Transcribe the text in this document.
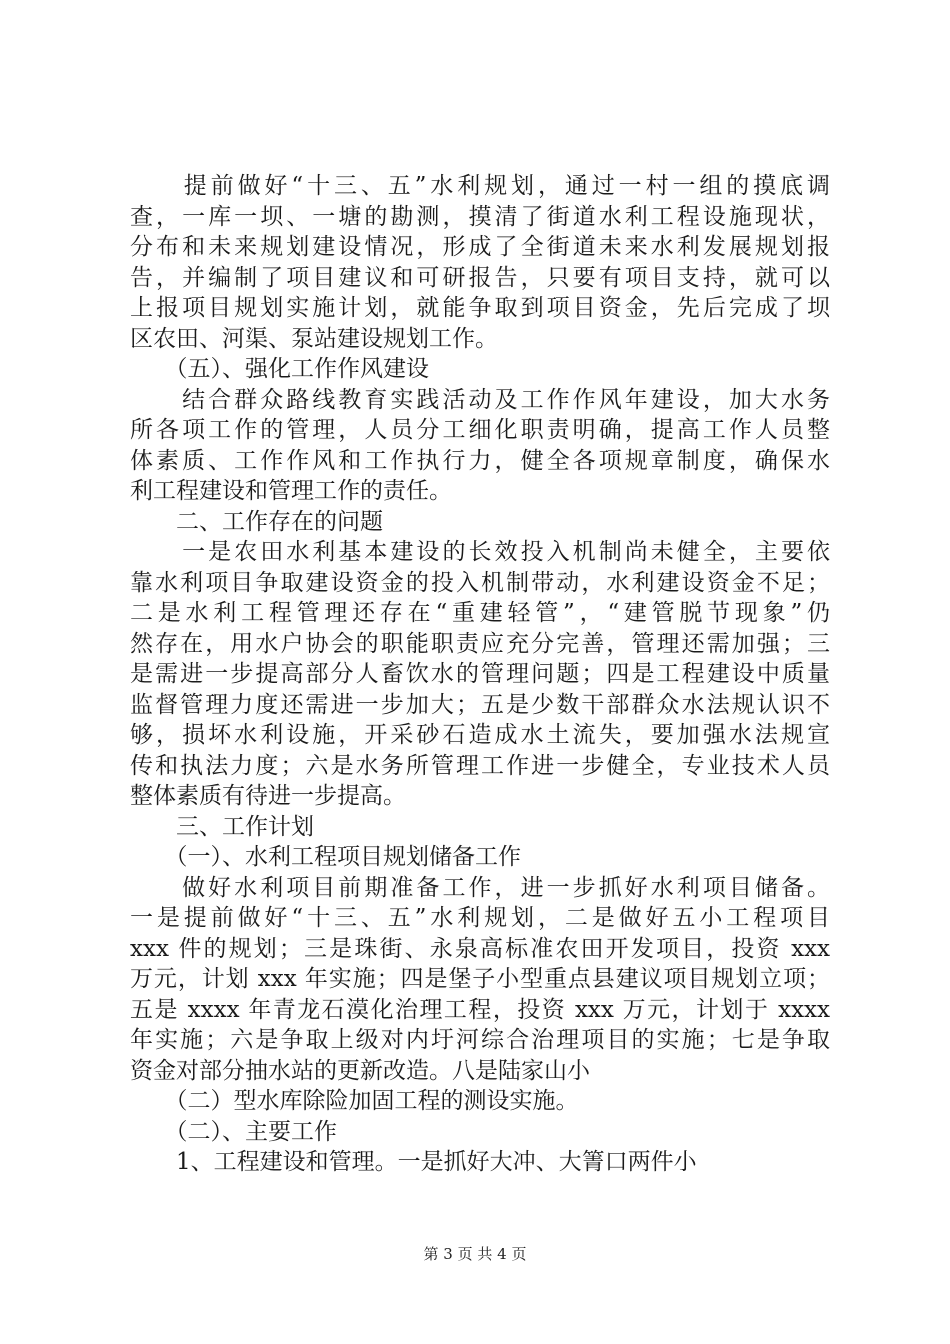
　　提前做好“十三、五”水利规划，通过一村一组的摸底调
查，一库一坝、一塘的勘测，摸清了街道水利工程设施现状，
分布和未来规划建设情况，形成了全街道未来水利发展规划报
告，并编制了项目建议和可研报告，只要有项目支持，就可以
上报项目规划实施计划，就能争取到项目资金，先后完成了坝
区农田、河渠、泵站建设规划工作。
　　（五）、强化工作作风建设
　　结合群众路线教育实践活动及工作作风年建设，加大水务
所各项工作的管理，人员分工细化职责明确，提高工作人员整
体素质、工作作风和工作执行力，健全各项规章制度，确保水
利工程建设和管理工作的责任。
　　二、工作存在的问题
　　一是农田水利基本建设的长效投入机制尚未健全，主要依
靠水利项目争取建设资金的投入机制带动，水利建设资金不足；
二是水利工程管理还存在“重建轻管”，“建管脱节现象”仍
然存在，用水户协会的职能职责应充分完善，管理还需加强；三
是需进一步提高部分人畜饮水的管理问题；四是工程建设中质量
监督管理力度还需进一步加大；五是少数干部群众水法规认识不
够，损坏水利设施，开采砂石造成水土流失，要加强水法规宣
传和执法力度；六是水务所管理工作进一步健全，专业技术人员
整体素质有待进一步提高。
　　三、工作计划
　　（一）、水利工程项目规划储备工作
　　做好水利项目前期准备工作，进一步抓好水利项目储备。
一是提前做好“十三、五”水利规划，二是做好五小工程项目
xxx 件的规划；三是珠街、永泉高标准农田开发项目，投资 xxx
万元，计划 xxx 年实施；四是堡子小型重点县建议项目规划立项；
五是 xxxx 年青龙石漠化治理工程，投资 xxx 万元，计划于 xxxx
年实施；六是争取上级对内圩河综合治理项目的实施；七是争取
资金对部分抽水站的更新改造。八是陆家山小
　　（二）型水库除险加固工程的测设实施。
　　（二）、主要工作
　　1、工程建设和管理。一是抓好大冲、大箐口两件小
第 3 页 共 4 页
